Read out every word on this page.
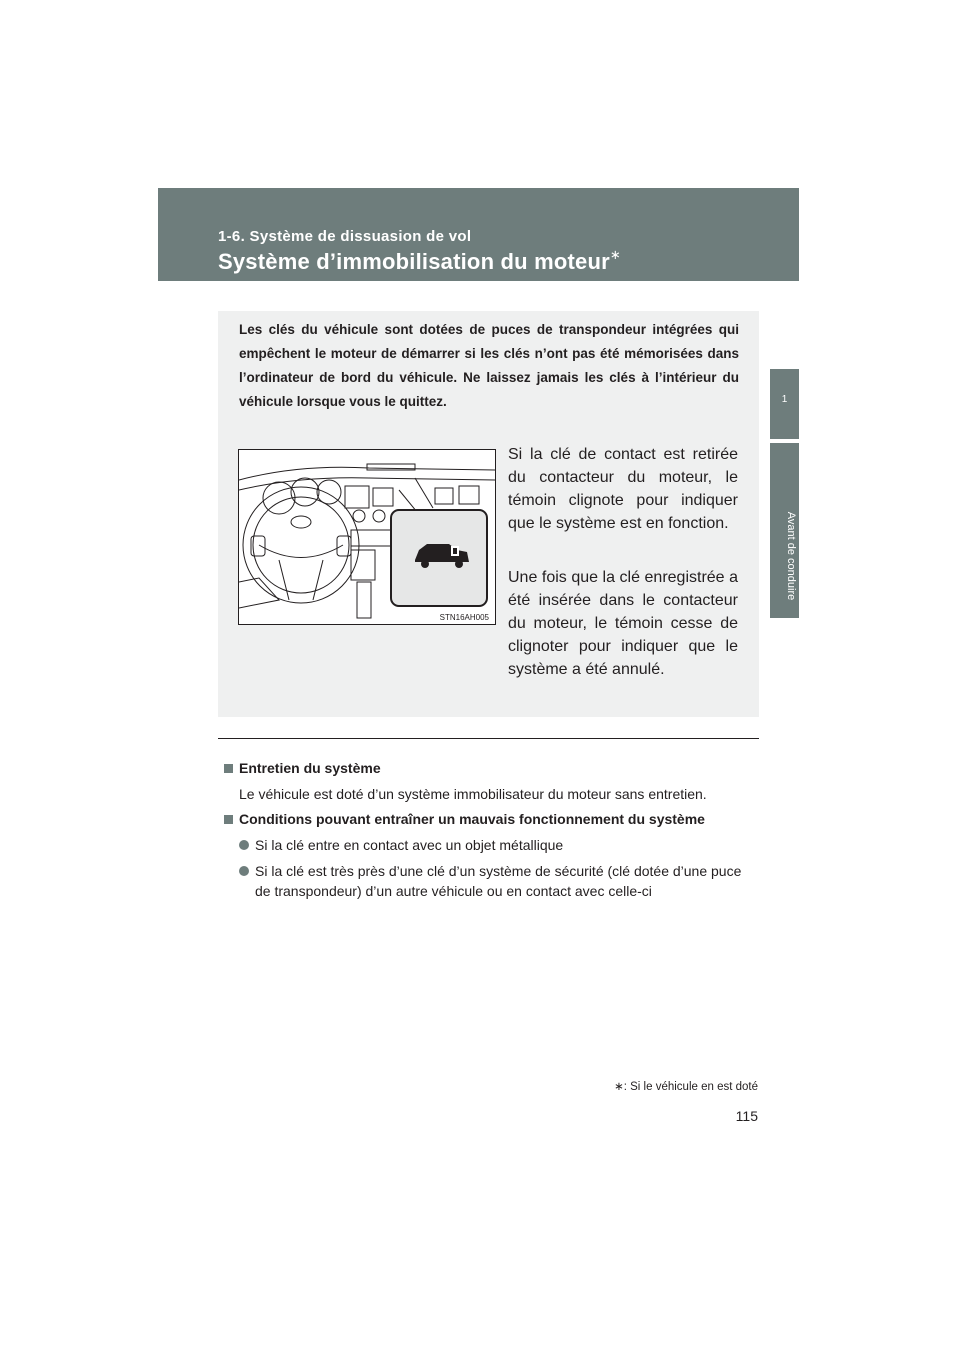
1-6. Système de dissuasion de vol
Système d’immobilisation du moteur∗
1
Avant de conduire
Les clés du véhicule sont dotées de puces de transpondeur intégrées qui empêchent le moteur de démarrer si les clés n’ont pas été mémorisées dans l’ordinateur de bord du véhicule. Ne laissez jamais les clés à l’intérieur du véhicule lorsque vous le quittez.
STN16AH005
Si la clé de contact est retirée du contacteur du moteur, le témoin clignote pour indiquer que le système est en fonction.
Une fois que la clé enregistrée a été insérée dans le contacteur du moteur, le témoin cesse de clignoter pour indiquer que le système a été annulé.
Entretien du système
Le véhicule est doté d’un système immobilisateur du moteur sans entretien.
Conditions pouvant entraîner un mauvais fonctionnement du système
Si la clé entre en contact avec un objet métallique
Si la clé est très près d’une clé d’un système de sécurité (clé dotée d’une puce de transpondeur) d’un autre véhicule ou en contact avec celle-ci
∗: Si le véhicule en est doté
115
